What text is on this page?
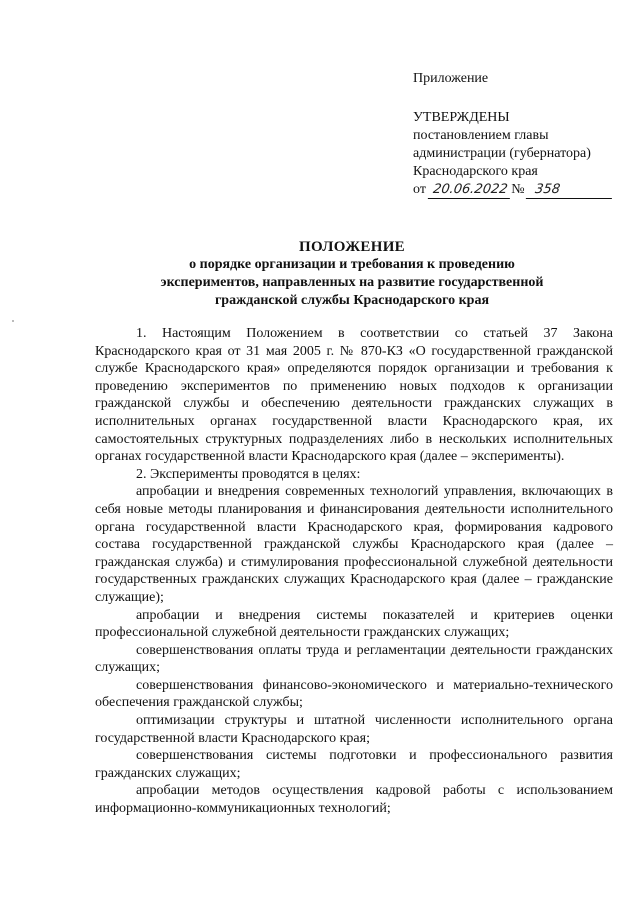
Приложение
УТВЕРЖДЕНЫ
постановлением главы
администрации (губернатора)
Краснодарского края
от 20.06.2022 № 358
ПОЛОЖЕНИЕ
о порядке организации и требования к проведению
экспериментов, направленных на развитие государственной
гражданской службы Краснодарского края

1. Настоящим Положением в соответствии со статьей 37 Закона Краснодарского края от 31 мая 2005 г. № 870-КЗ «О государственной гражданской службе Краснодарского края» определяются порядок организации и требования к проведению экспериментов по применению новых подходов к организации гражданской службы и обеспечению деятельности гражданских служащих в исполнительных органах государственной власти Краснодарского края, их самостоятельных структурных подразделениях либо в нескольких исполнительных органах государственной власти Краснодарского края (далее – эксперименты).

2. Эксперименты проводятся в целях:

апробации и внедрения современных технологий управления, включающих в себя новые методы планирования и финансирования деятельности исполнительного органа государственной власти Краснодарского края, формирования кадрового состава государственной гражданской службы Краснодарского края (далее – гражданская служба) и стимулирования профессиональной служебной деятельности государственных гражданских служащих Краснодарского края (далее – гражданские служащие);

апробации и внедрения системы показателей и критериев оценки профессиональной служебной деятельности гражданских служащих;

совершенствования оплаты труда и регламентации деятельности гражданских служащих;

совершенствования финансово-экономического и материально-технического обеспечения гражданской службы;

оптимизации структуры и штатной численности исполнительного органа государственной власти Краснодарского края;

совершенствования системы подготовки и профессионального развития гражданских служащих;

апробации методов осуществления кадровой работы с использованием информационно-коммуникационных технологий;
